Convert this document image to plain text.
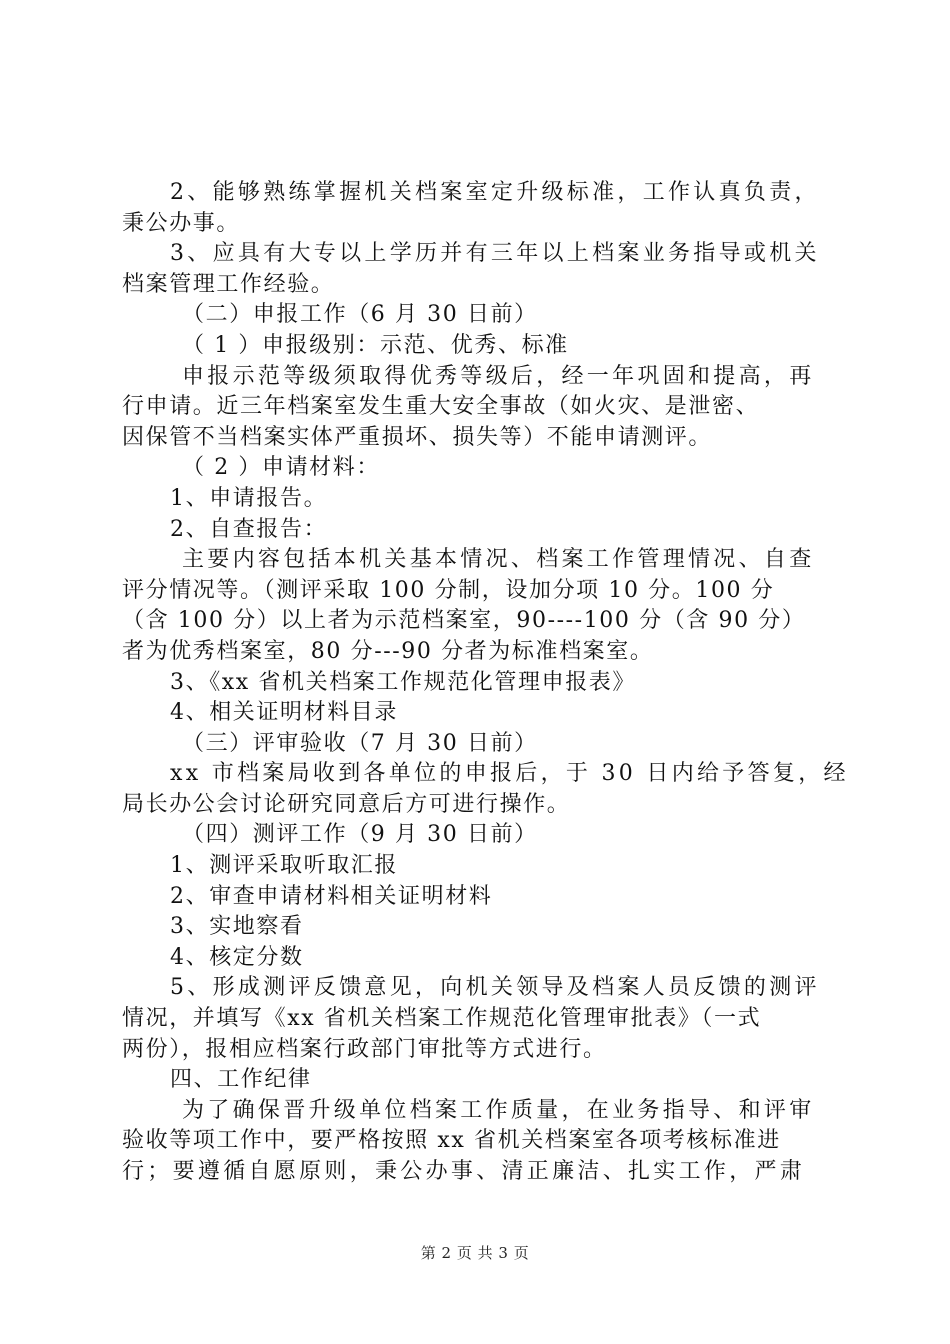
2、能够熟练掌握机关档案室定升级标准，工作认真负责，
秉公办事。
3、应具有大专以上学历并有三年以上档案业务指导或机关
档案管理工作经验。
（二）申报工作（6 月 30 日前）
（ 1 ）申报级别：示范、优秀、标准
申报示范等级须取得优秀等级后，经一年巩固和提高，再
行申请。近三年档案室发生重大安全事故（如火灾、是泄密、
因保管不当档案实体严重损坏、损失等）不能申请测评。
（ 2 ）申请材料：
1、申请报告。
2、自查报告：
主要内容包括本机关基本情况、档案工作管理情况、自查
评分情况等。（测评采取 100 分制，设加分项 10 分。100 分
（含 100 分）以上者为示范档案室，90----100 分（含 90 分）
者为优秀档案室，80 分---90 分者为标准档案室。
3、《xx 省机关档案工作规范化管理申报表》
4、相关证明材料目录
（三）评审验收（7 月 30 日前）
xx 市档案局收到各单位的申报后，于 30 日内给予答复，经
局长办公会讨论研究同意后方可进行操作。
（四）测评工作（9 月 30 日前）
1、测评采取听取汇报
2、审查申请材料相关证明材料
3、实地察看
4、核定分数
5、形成测评反馈意见，向机关领导及档案人员反馈的测评
情况，并填写《xx 省机关档案工作规范化管理审批表》（一式
两份），报相应档案行政部门审批等方式进行。
四、工作纪律
为了确保晋升级单位档案工作质量，在业务指导、和评审
验收等项工作中，要严格按照 xx 省机关档案室各项考核标准进
行；要遵循自愿原则，秉公办事、清正廉洁、扎实工作，严肃
第 2 页 共 3 页
